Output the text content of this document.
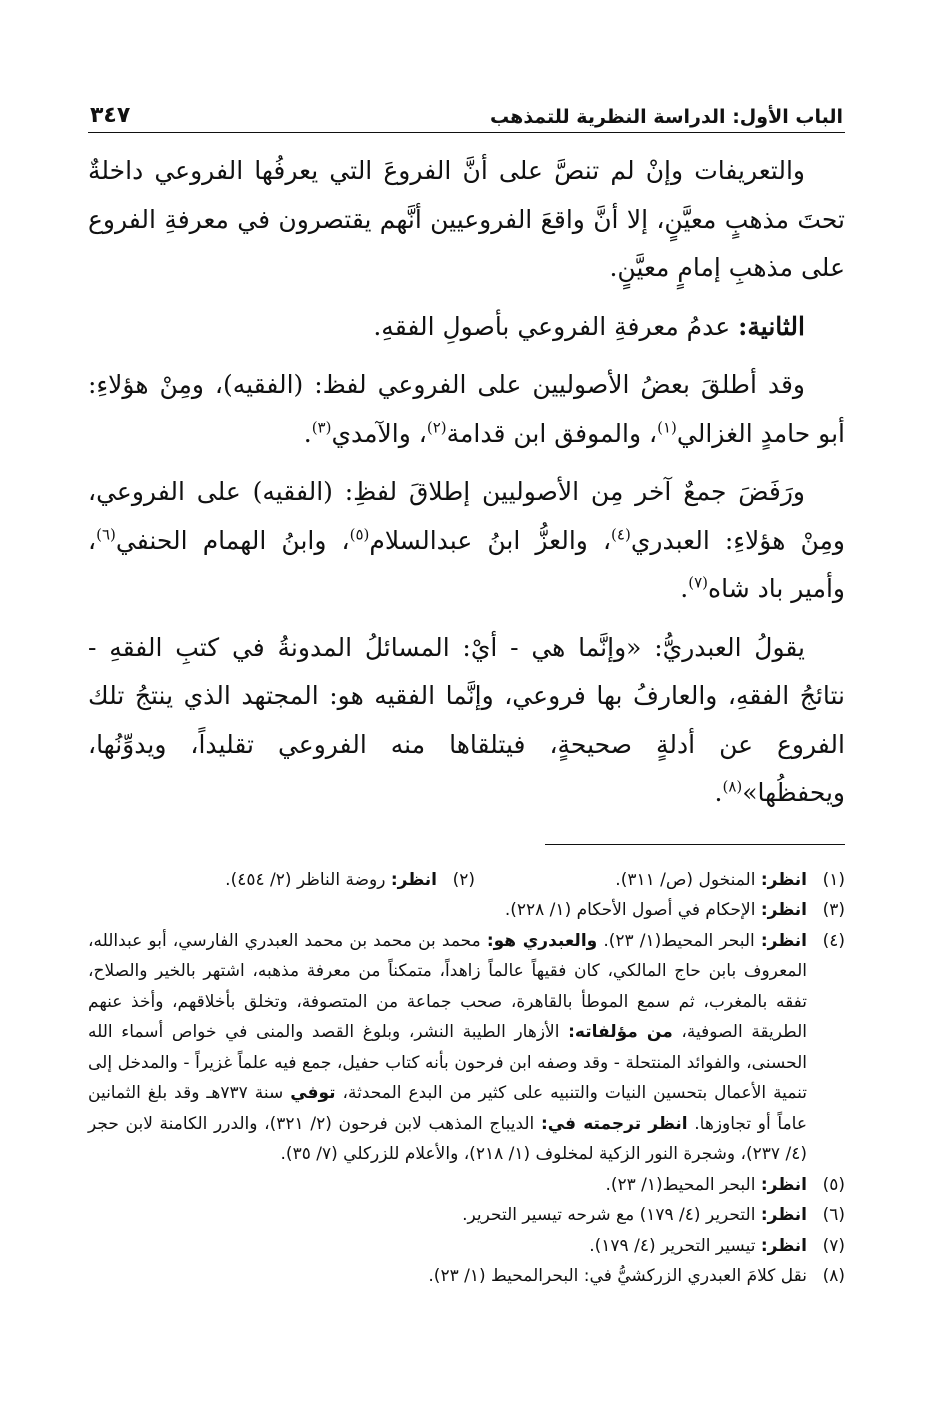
الباب الأول: الدراسة النظرية للتمذهب
٣٤٧

والتعريفات وإنْ لم تنصَّ على أنَّ الفروعَ التي يعرفُها الفروعي داخلةٌ تحتَ مذهبٍ معيَّنٍ، إلا أنَّ واقعَ الفروعيين أنَّهم يقتصرون في معرفةِ الفروع على مذهبِ إمامٍ معيَّنٍ.

الثانية: عدمُ معرفةِ الفروعي بأصولِ الفقهِ.

وقد أطلقَ بعضُ الأصوليين على الفروعي لفظ: (الفقيه)، ومِنْ هؤلاءِ: أبو حامدٍ الغزالي$^{(١)}$، والموفق ابن قدامة$^{(٢)}$، والآمدي$^{(٣)}$.

ورَفَضَ جمعٌ آخر مِن الأصوليين إطلاقَ لفظِ: (الفقيه) على الفروعي، ومِنْ هؤلاءِ: العبدري$^{(٤)}$، والعزُّ ابنُ عبدالسلام$^{(٥)}$، وابنُ الهمام الحنفي$^{(٦)}$، وأمير باد شاه$^{(٧)}$.

يقولُ العبدريُّ: «وإنَّما هي - أيْ: المسائلُ المدونةُ في كتبِ الفقهِ - نتائجُ الفقهِ، والعارفُ بها فروعي، وإنَّما الفقيه هو: المجتهد الذي ينتجُ تلك الفروع عن أدلةٍ صحيحةٍ، فيتلقاها منه الفروعي تقليداً، ويدوِّنُها، ويحفظُها»$^{(٨)}$.

(١)
انظر: المنخول (ص/ ٣١١).
(٢)
انظر: روضة الناظر (٢/ ٤٥٤).
(٣)
انظر: الإحكام في أصول الأحكام (١/ ٢٢٨).
(٤)
انظر: البحر المحيط(١/ ٢٣). والعبدري هو: محمد بن محمد بن محمد العبدري الفارسي، أبو عبدالله، المعروف بابن حاج المالكي، كان فقيهاً عالماً زاهداً، متمكناً من معرفة مذهبه، اشتهر بالخير والصلاح، تفقه بالمغرب، ثم سمع الموطأ بالقاهرة، صحب جماعة من المتصوفة، وتخلق بأخلاقهم، وأخذ عنهم الطريقة الصوفية، من مؤلفاته: الأزهار الطيبة النشر، وبلوغ القصد والمنى في خواص أسماء الله الحسنى، والفوائد المنتحلة - وقد وصفه ابن فرحون بأنه كتاب حفيل، جمع فيه علماً غزيراً - والمدخل إلى تنمية الأعمال بتحسين النيات والتنبيه على كثير من البدع المحدثة، توفي سنة ٧٣٧هـ وقد بلغ الثمانين عاماً أو تجاوزها. انظر ترجمته في: الديباج المذهب لابن فرحون (٢/ ٣٢١)، والدرر الكامنة لابن حجر (٤/ ٢٣٧)، وشجرة النور الزكية لمخلوف (١/ ٢١٨)، والأعلام للزركلي (٧/ ٣٥).
(٥)
انظر: البحر المحيط(١/ ٢٣).
(٦)
انظر: التحرير (٤/ ١٧٩) مع شرحه تيسير التحرير.
(٧)
انظر: تيسير التحرير (٤/ ١٧٩).
(٨)
نقل كلامَ العبدري الزركشيُّ في: البحرالمحيط (١/ ٢٣).
